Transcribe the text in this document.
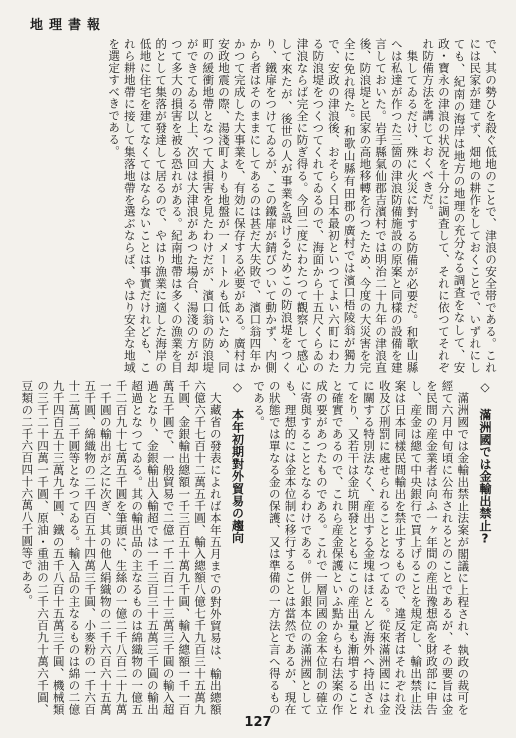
地理書報

で、其の勢ひを殺ぐ低地のことで、津浪の安全帯である。これには民家が建てず、畑地の耕作をしておくことで、いずれにしても、紀南の海岸は地方の地理の充分なる調査をなして、安政・寶永の津浪の状況を十分に調査して、それに依つてそれぞれ防備方法を講じておくべきだ。

集してゐるだけ、殊に火災に對する防備が必要だ。和歌山縣へは私達が作つた三箇の津浪防備施設の原案と同樣の設備を建言しておいた。岩手縣氣仙郡吉濱村では明治二十九年の津浪直後、防浪堤と民家の高地移轉を行つたため、今度の大災害を完全に免れ得た。和歌山縣有田郡の廣村では濱口梧陵翁が獨力で、安政の津浪後、おそらく日本最初といつてよい六町にわたる防浪堤をつくつてくれてゐるので、海面から十五尺くらゐの津浪ならば完全に防ぎ得る。今回二度にわたつて觀察して感心して來たが、後世の人が事業を設けるためこの防浪堤をつくり、鐵扉をつけてゐるが、この鐵扉が錆びついて動かず、内側から者はそのままにしてあるのは甚だ大失敗で、濱口翁四年かかつて完成した大事業を、有効に保存する必要がある。廣村は安政地震の際、湯淺町よりも地盤が一メートルも低いため、同町の緩衝地帶となつて大損害を見たわけだが、濱口翁の防浪堤ができてゐる以上、次回は大津浪があつた場合、湯淺の方が却つて多大の損害を被る恐れがある。紀南地帶は多くの漁業を目的として集落が發達して居るので、やはり漁業に適した海岸の低地に住宅を建てなくてはならないことは事實だけれども、これら耕地帶に接して集落地帶を選ぶならば、やはり安全な地域を選定すべきである。

◇ 滿洲國では金輸出禁止?

滿洲國では金輸出禁止法案が閣議に上程され、執政の裁可を經て六月中旬頃に公布されるとのことであるが、その要旨は金を民間の産金業者は向ふ一ヶ年間の産出豫想高を財政部に申告し、産金は總て中央銀行で買上げることを規定し、輸出禁止法案は日本同樣民間輸出を禁止するもので、違反者はそれぞれ没收及び刑罰に處せられることとなつてゐる。從來滿洲國には金に關する特別法なく、産出する金塊はほとんど海外へ持出されてをり、又若干は金坑開發とともにこの産出量も漸増することと確實であるので、これら産金保護といふ點からも右法案の作成の要があつたものである。これで一層同國の金本位制の確立に寄與することとなるわけである。併し銀本位の滿洲國としても、理想的には金本位制に移行することは當然であるが、現在の狀態では單なる金の保護、又は準備の一方法と言へ得るものである。

◇ 本年初期對外貿易の趨向

大藏省の發表によれば本年五月までの對外貿易は、輸出總額六億六千七百十二萬五千圓、輸入總額八億七千九百三十五萬九千圓、金銀輸出總額一千三百五十萬九千圓、輸入總額一千一百萬五千圓で、一般貿易で二億一千二百二十三萬三千圓の輸入超過となり、金銀輸出入輸超では一千三百三十五萬三千圓の輸出超過となつてゐる。其の輸出品の主なるものは綿織物の一億五千二百九十七萬五千圓を筆頭に、生絲の一億二千八百二十九萬一千圓の輸出が之に次ぎ、其の他人絹織物の二千六百六十五萬五千圓、綿織物の二千四百五十四萬三千圓、小麥粉の一千六百十二萬二千圓等となつてゐる。輸入品の主なるものは綿の二億九千四百五十三萬九千圓、鐵の五千八百十五萬三千圓、機械類の三千二十四萬一千圓、原油・重油の二千六百九十萬六千圓、豆類の二千六百四十六萬八千圓等である。

127
